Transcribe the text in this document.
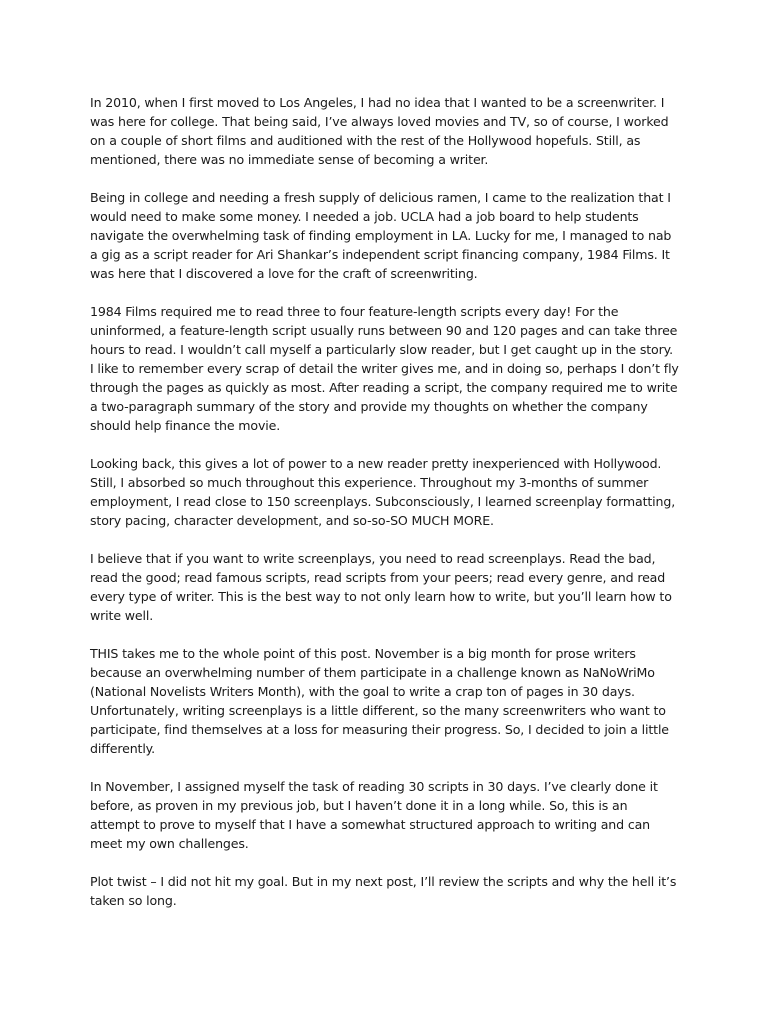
In 2010, when I first moved to Los Angeles, I had no idea that I wanted to be a screenwriter. I was here for college. That being said, I’ve always loved movies and TV, so of course, I worked on a couple of short films and auditioned with the rest of the Hollywood hopefuls. Still, as mentioned, there was no immediate sense of becoming a writer.

Being in college and needing a fresh supply of delicious ramen, I came to the realization that I would need to make some money. I needed a job. UCLA had a job board to help students navigate the overwhelming task of finding employment in LA. Lucky for me, I managed to nab a gig as a script reader for Ari Shankar’s independent script financing company, 1984 Films. It was here that I discovered a love for the craft of screenwriting.

1984 Films required me to read three to four feature-length scripts every day! For the uninformed, a feature-length script usually runs between 90 and 120 pages and can take three hours to read. I wouldn’t call myself a particularly slow reader, but I get caught up in the story. I like to remember every scrap of detail the writer gives me, and in doing so, perhaps I don’t fly through the pages as quickly as most. After reading a script, the company required me to write a two-paragraph summary of the story and provide my thoughts on whether the company should help finance the movie.

Looking back, this gives a lot of power to a new reader pretty inexperienced with Hollywood. Still, I absorbed so much throughout this experience. Throughout my 3-months of summer employment, I read close to 150 screenplays. Subconsciously, I learned screenplay formatting, story pacing, character development, and so-so-SO MUCH MORE.

I believe that if you want to write screenplays, you need to read screenplays. Read the bad, read the good; read famous scripts, read scripts from your peers; read every genre, and read every type of writer. This is the best way to not only learn how to write, but you’ll learn how to write well.

THIS takes me to the whole point of this post. November is a big month for prose writers because an overwhelming number of them participate in a challenge known as NaNoWriMo (National Novelists Writers Month), with the goal to write a crap ton of pages in 30 days. Unfortunately, writing screenplays is a little different, so the many screenwriters who want to participate, find themselves at a loss for measuring their progress. So, I decided to join a little differently.

In November, I assigned myself the task of reading 30 scripts in 30 days. I’ve clearly done it before, as proven in my previous job, but I haven’t done it in a long while. So, this is an attempt to prove to myself that I have a somewhat structured approach to writing and can meet my own challenges.

Plot twist – I did not hit my goal. But in my next post, I’ll review the scripts and why the hell it’s taken so long.
